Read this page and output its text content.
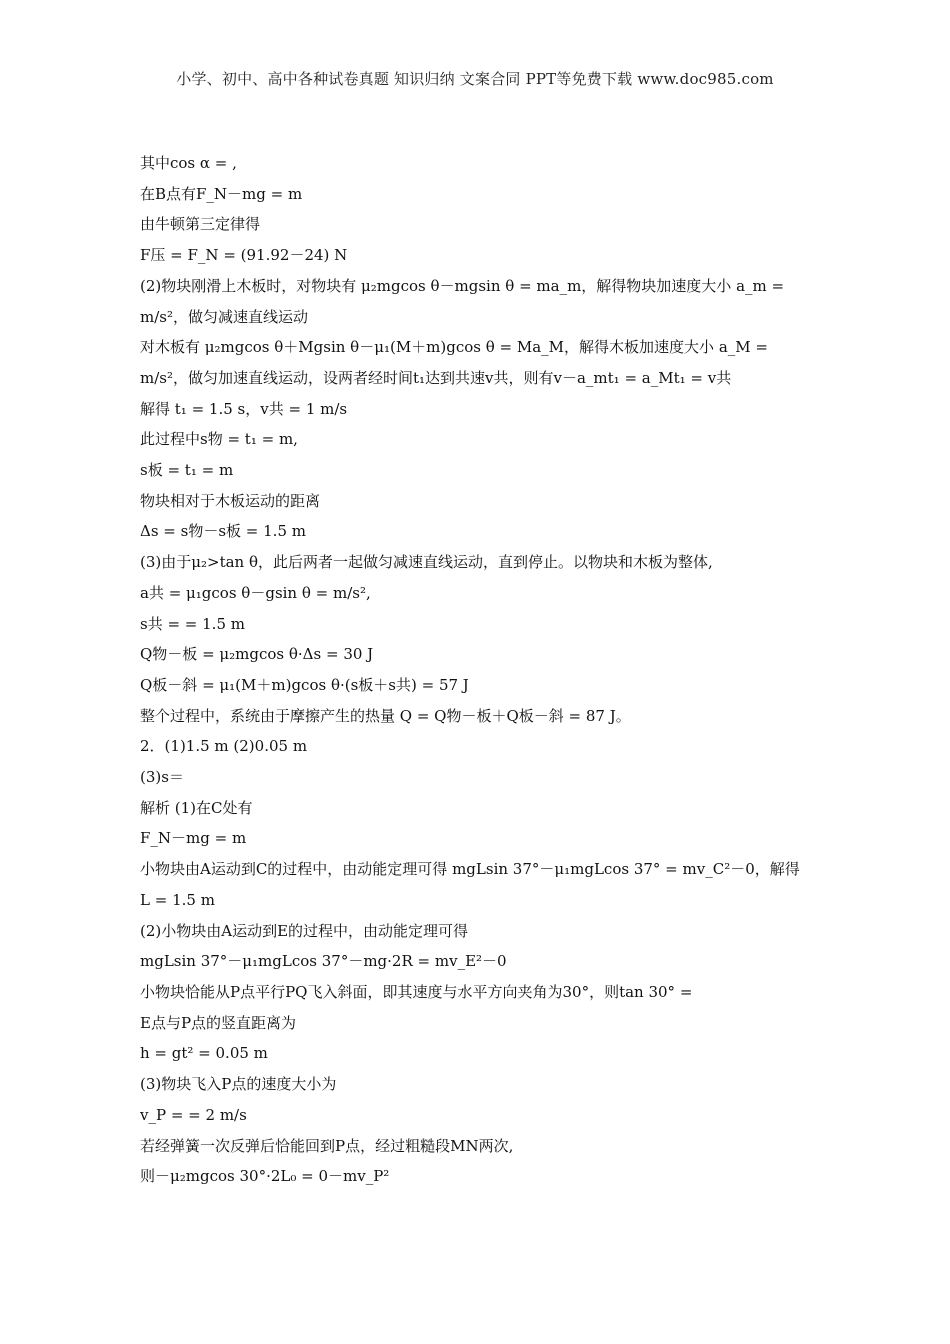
小学、初中、高中各种试卷真题 知识归纳 文案合同 PPT等免费下载 www.doc985.com
其中cos α = ,
在B点有F_N－mg = m
由牛顿第三定律得
F压 = F_N = (91.92－24) N
(2)物块刚滑上木板时，对物块有 μ₂mgcos θ－mgsin θ = ma_m，解得物块加速度大小 a_m = m/s²，做匀减速直线运动
对木板有 μ₂mgcos θ＋Mgsin θ－μ₁(M＋m)gcos θ = Ma_M，解得木板加速度大小 a_M = m/s²，做匀加速直线运动，设两者经时间t₁达到共速v共，则有v－a_mt₁ = a_Mt₁ = v共
解得 t₁ = 1.5 s，v共 = 1 m/s
此过程中s物 = t₁ = m,
s板 = t₁ = m
物块相对于木板运动的距离
Δs = s物－s板 = 1.5 m
(3)由于μ₂>tan θ，此后两者一起做匀减速直线运动，直到停止。以物块和木板为整体,
a共 = μ₁gcos θ－gsin θ = m/s²,
s共 = = 1.5 m
Q物－板 = μ₂mgcos θ·Δs = 30 J
Q板－斜 = μ₁(M＋m)gcos θ·(s板＋s共) = 57 J
整个过程中，系统由于摩擦产生的热量 Q = Q物－板＋Q板－斜 = 87 J。
2．(1)1.5 m (2)0.05 m
(3)s＝
解析 (1)在C处有
F_N－mg = m
小物块由A运动到C的过程中，由动能定理可得 mgLsin 37°－μ₁mgLcos 37° = mv_C²－0，解得 L = 1.5 m
(2)小物块由A运动到E的过程中，由动能定理可得
mgLsin 37°－μ₁mgLcos 37°－mg·2R = mv_E²－0
小物块恰能从P点平行PQ飞入斜面，即其速度与水平方向夹角为30°，则tan 30° =
E点与P点的竖直距离为
h = gt² = 0.05 m
(3)物块飞入P点的速度大小为
v_P = = 2 m/s
若经弹簧一次反弹后恰能回到P点，经过粗糙段MN两次,
则－μ₂mgcos 30°·2L₀ = 0－mv_P²
